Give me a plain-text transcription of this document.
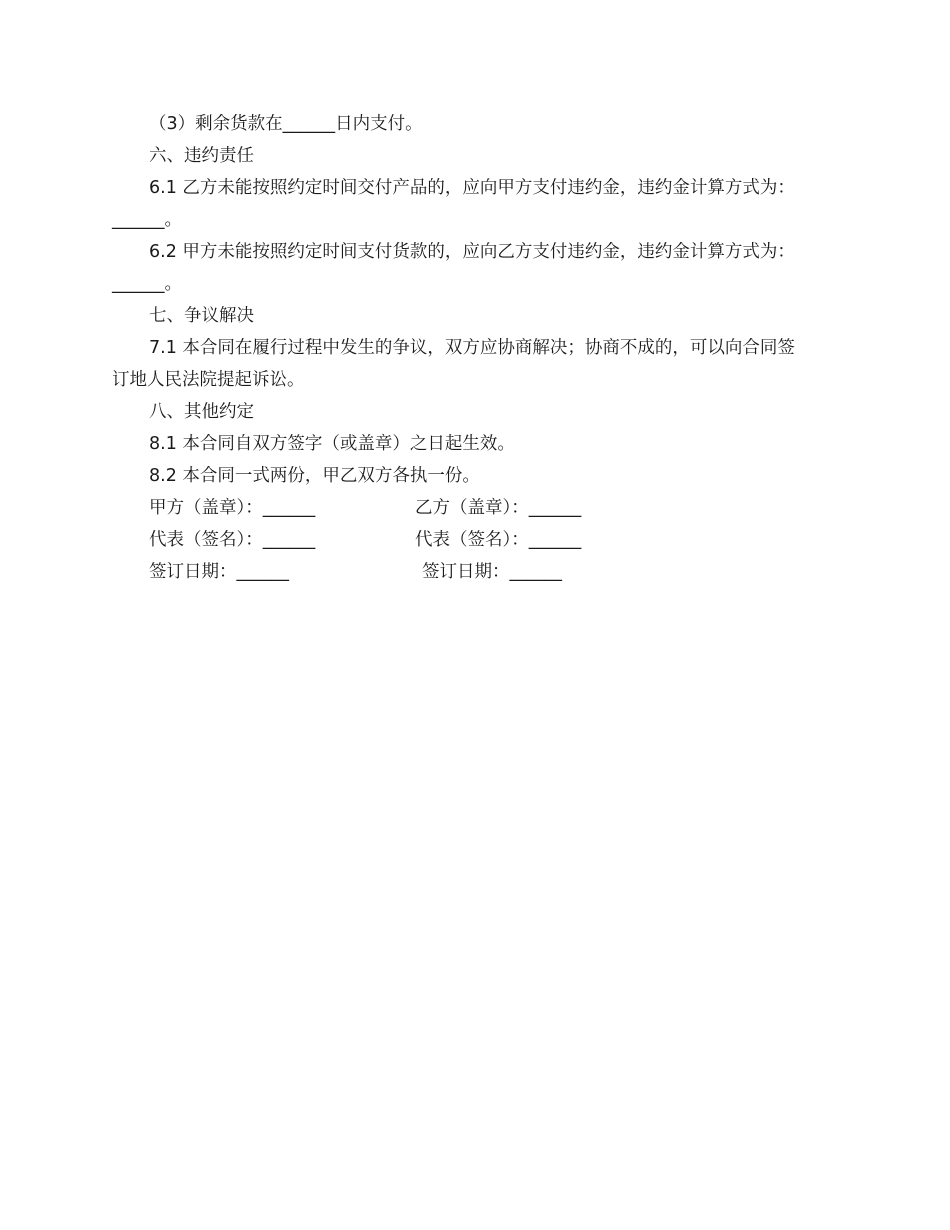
（3）剩余货款在______日内支付。
六、违约责任
6.1 乙方未能按照约定时间交付产品的，应向甲方支付违约金，违约金计算方式为：
______。
6.2 甲方未能按照约定时间支付货款的，应向乙方支付违约金，违约金计算方式为：
______。
七、争议解决
7.1 本合同在履行过程中发生的争议，双方应协商解决；协商不成的，可以向合同签
订地人民法院提起诉讼。
八、其他约定
8.1 本合同自双方签字（或盖章）之日起生效。
8.2 本合同一式两份，甲乙双方各执一份。
甲方（盖章）：______	乙方（盖章）：______
代表（签名）：______	代表（签名）：______
签订日期：______	签订日期：______
